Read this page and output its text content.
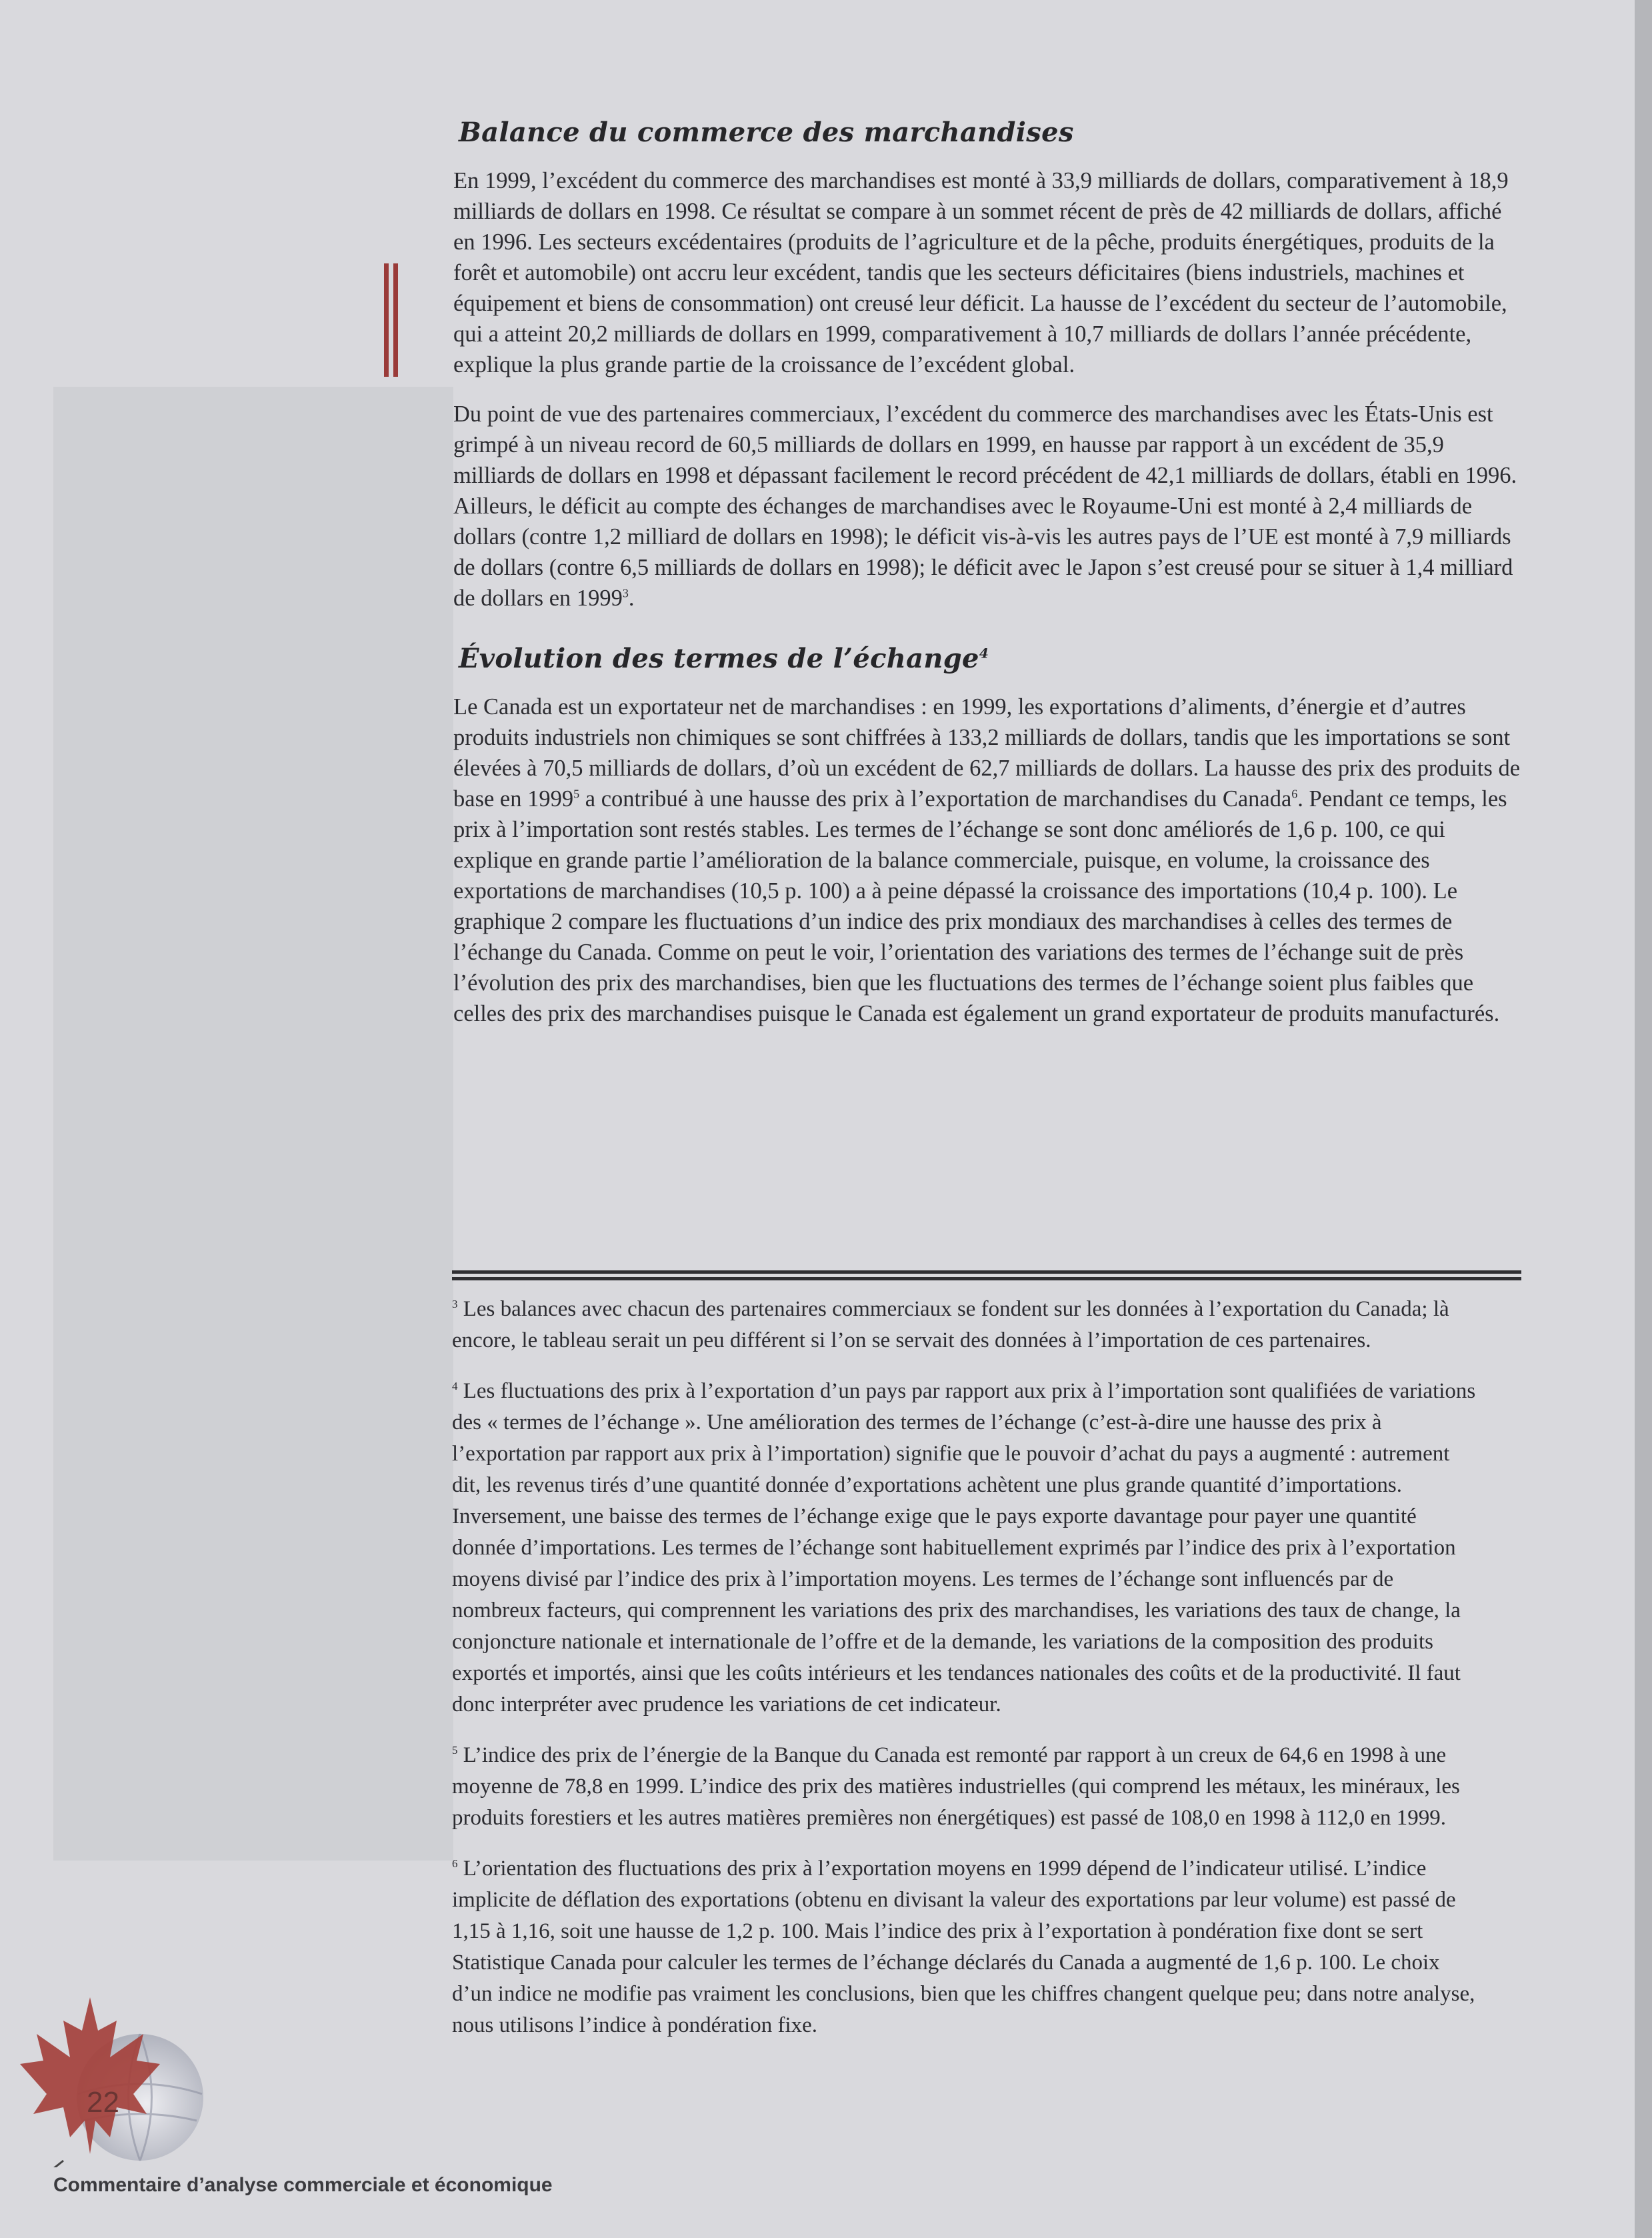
Balance du commerce des marchandises

En 1999, l’excédent du commerce des marchandises est monté à 33,9 milliards de dollars, comparativement à 18,9 milliards de dollars en 1998. Ce résultat se compare à un sommet récent de près de 42 milliards de dollars, affiché en 1996. Les secteurs excédentaires (produits de l’agriculture et de la pêche, produits énergétiques, produits de la forêt et automobile) ont accru leur excédent, tandis que les secteurs déficitaires (biens industriels, machines et équipement et biens de consommation) ont creusé leur déficit. La hausse de l’excédent du secteur de l’automobile, qui a atteint 20,2 milliards de dollars en 1999, comparativement à 10,7 milliards de dollars l’année précédente, explique la plus grande partie de la croissance de l’excédent global.

Du point de vue des partenaires commerciaux, l’excédent du commerce des marchandises avec les États-Unis est grimpé à un niveau record de 60,5 milliards de dollars en 1999, en hausse par rapport à un excédent de 35,9 milliards de dollars en 1998 et dépassant facilement le record précédent de 42,1 milliards de dollars, établi en 1996. Ailleurs, le déficit au compte des échanges de marchandises avec le Royaume-Uni est monté à 2,4 milliards de dollars (contre 1,2 milliard de dollars en 1998); le déficit vis-à-vis les autres pays de l’UE est monté à 7,9 milliards de dollars (contre 6,5 milliards de dollars en 1998); le déficit avec le Japon s’est creusé pour se situer à 1,4 milliard de dollars en 1999$^3$.

Évolution des termes de l’échange$^4$

Le Canada est un exportateur net de marchandises : en 1999, les exportations d’aliments, d’énergie et d’autres produits industriels non chimiques se sont chiffrées à 133,2 milliards de dollars, tandis que les importations se sont élevées à 70,5 milliards de dollars, d’où un excédent de 62,7 milliards de dollars. La hausse des prix des produits de base en 1999$^5$ a contribué à une hausse des prix à l’exportation de marchandises du Canada$^6$. Pendant ce temps, les prix à l’importation sont restés stables. Les termes de l’échange se sont donc améliorés de 1,6 p. 100, ce qui explique en grande partie l’amélioration de la balance commerciale, puisque, en volume, la croissance des exportations de marchandises (10,5 p. 100) a à peine dépassé la croissance des importations (10,4 p. 100). Le graphique 2 compare les fluctuations d’un indice des prix mondiaux des marchandises à celles des termes de l’échange du Canada. Comme on peut le voir, l’orientation des variations des termes de l’échange suit de près l’évolution des prix des marchandises, bien que les fluctuations des termes de l’échange soient plus faibles que celles des prix des marchandises puisque le Canada est également un grand exportateur de produits manufacturés.

$^3$ Les balances avec chacun des partenaires commerciaux se fondent sur les données à l’exportation du Canada; là encore, le tableau serait un peu différent si l’on se servait des données à l’importation de ces partenaires.

$^4$ Les fluctuations des prix à l’exportation d’un pays par rapport aux prix à l’importation sont qualifiées de variations des « termes de l’échange ». Une amélioration des termes de l’échange (c’est-à-dire une hausse des prix à l’exportation par rapport aux prix à l’importation) signifie que le pouvoir d’achat du pays a augmenté : autrement dit, les revenus tirés d’une quantité donnée d’exportations achètent une plus grande quantité d’importations. Inversement, une baisse des termes de l’échange exige que le pays exporte davantage pour payer une quantité donnée d’importations. Les termes de l’échange sont habituellement exprimés par l’indice des prix à l’exportation moyens divisé par l’indice des prix à l’importation moyens. Les termes de l’échange sont influencés par de nombreux facteurs, qui comprennent les variations des prix des marchandises, les variations des taux de change, la conjoncture nationale et internationale de l’offre et de la demande, les variations de la composition des produits exportés et importés, ainsi que les coûts intérieurs et les tendances nationales des coûts et de la productivité. Il faut donc interpréter avec prudence les variations de cet indicateur.

$^5$ L’indice des prix de l’énergie de la Banque du Canada est remonté par rapport à un creux de 64,6 en 1998 à une moyenne de 78,8 en 1999. L’indice des prix des matières industrielles (qui comprend les métaux, les minéraux, les produits forestiers et les autres matières premières non énergétiques) est passé de 108,0 en 1998 à 112,0 en 1999.

$^6$ L’orientation des fluctuations des prix à l’exportation moyens en 1999 dépend de l’indicateur utilisé. L’indice implicite de déflation des exportations (obtenu en divisant la valeur des exportations par leur volume) est passé de 1,15 à 1,16, soit une hausse de 1,2 p. 100. Mais l’indice des prix à l’exportation à pondération fixe dont se sert Statistique Canada pour calculer les termes de l’échange déclarés du Canada a augmenté de 1,6 p. 100. Le choix d’un indice ne modifie pas vraiment les conclusions, bien que les chiffres changent quelque peu; dans notre analyse, nous utilisons l’indice à pondération fixe.

22
Commentaire d’analyse commerciale et économique
